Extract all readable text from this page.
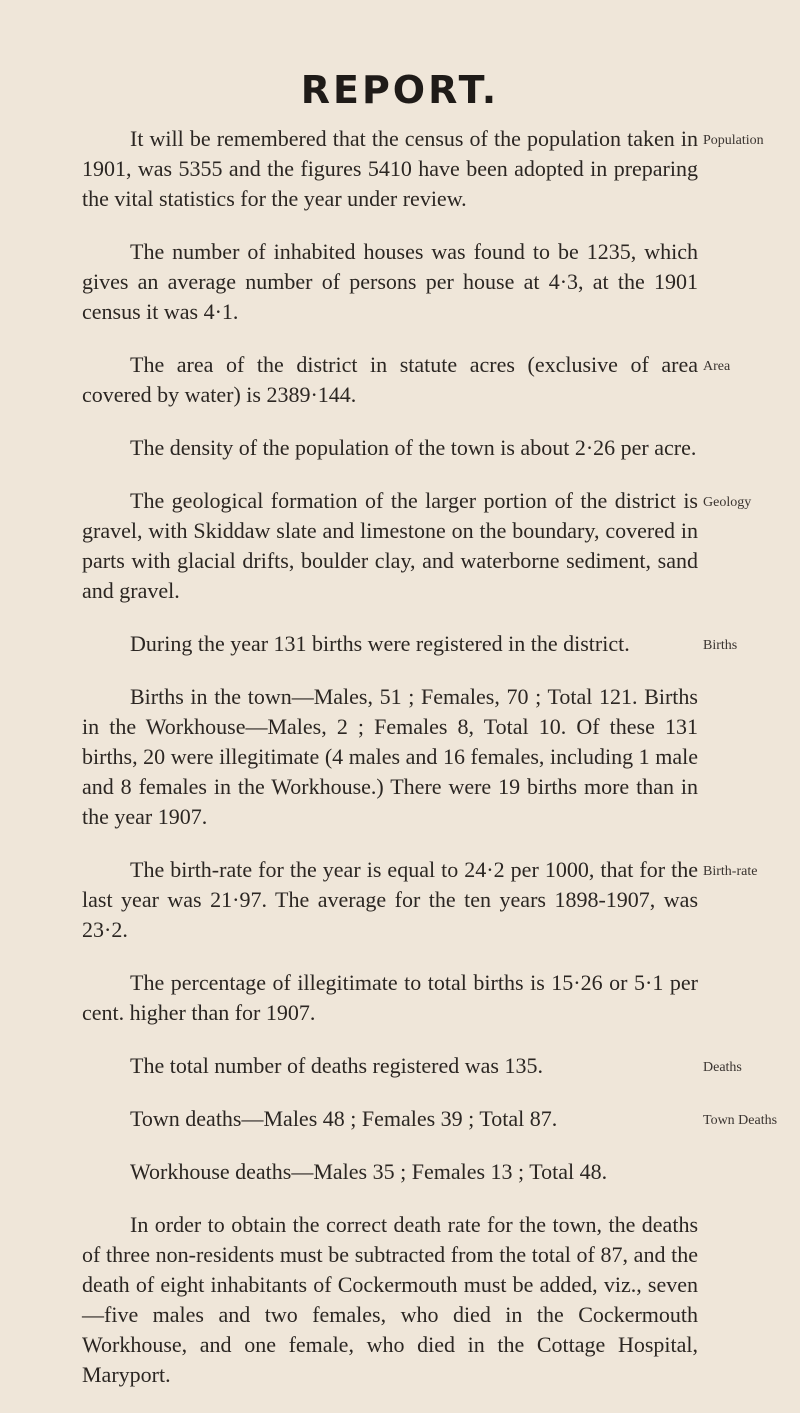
REPORT.

It will be remembered that the census of the population taken in 1901, was 5355 and the figures 5410 have been adopted in preparing the vital statistics for the year under review.
Population

The number of inhabited houses was found to be 1235, which gives an average number of persons per house at 4·3, at the 1901 census it was 4·1.

The area of the district in statute acres (exclusive of area covered by water) is 2389·144.
Area

The density of the population of the town is about 2·26 per acre.

The geological formation of the larger portion of the district is gravel, with Skiddaw slate and limestone on the boundary, covered in parts with glacial drifts, boulder clay, and waterborne sediment, sand and gravel.
Geology

During the year 131 births were registered in the district.	Births

Births in the town—Males, 51 ; Females, 70 ; Total 121. Births in the Workhouse—Males, 2 ; Females 8, Total 10. Of these 131 births, 20 were illegitimate (4 males and 16 females, including 1 male and 8 females in the Workhouse.) There were 19 births more than in the year 1907.

The birth-rate for the year is equal to 24·2 per 1000, that for the last year was 21·97. The average for the ten years 1898-1907, was 23·2.
Birth-rate

The percentage of illegitimate to total births is 15·26 or 5·1 per cent. higher than for 1907.

The total number of deaths registered was 135.	Deaths

Town deaths—Males 48 ; Females 39 ; Total 87.	Town Deaths

Workhouse deaths—Males 35 ; Females 13 ; Total 48.

In order to obtain the correct death rate for the town, the deaths of three non-residents must be subtracted from the total of 87, and the death of eight inhabitants of Cockermouth must be added, viz., seven —five males and two females, who died in the Cockermouth Workhouse, and one female, who died in the Cottage Hospital, Maryport.
